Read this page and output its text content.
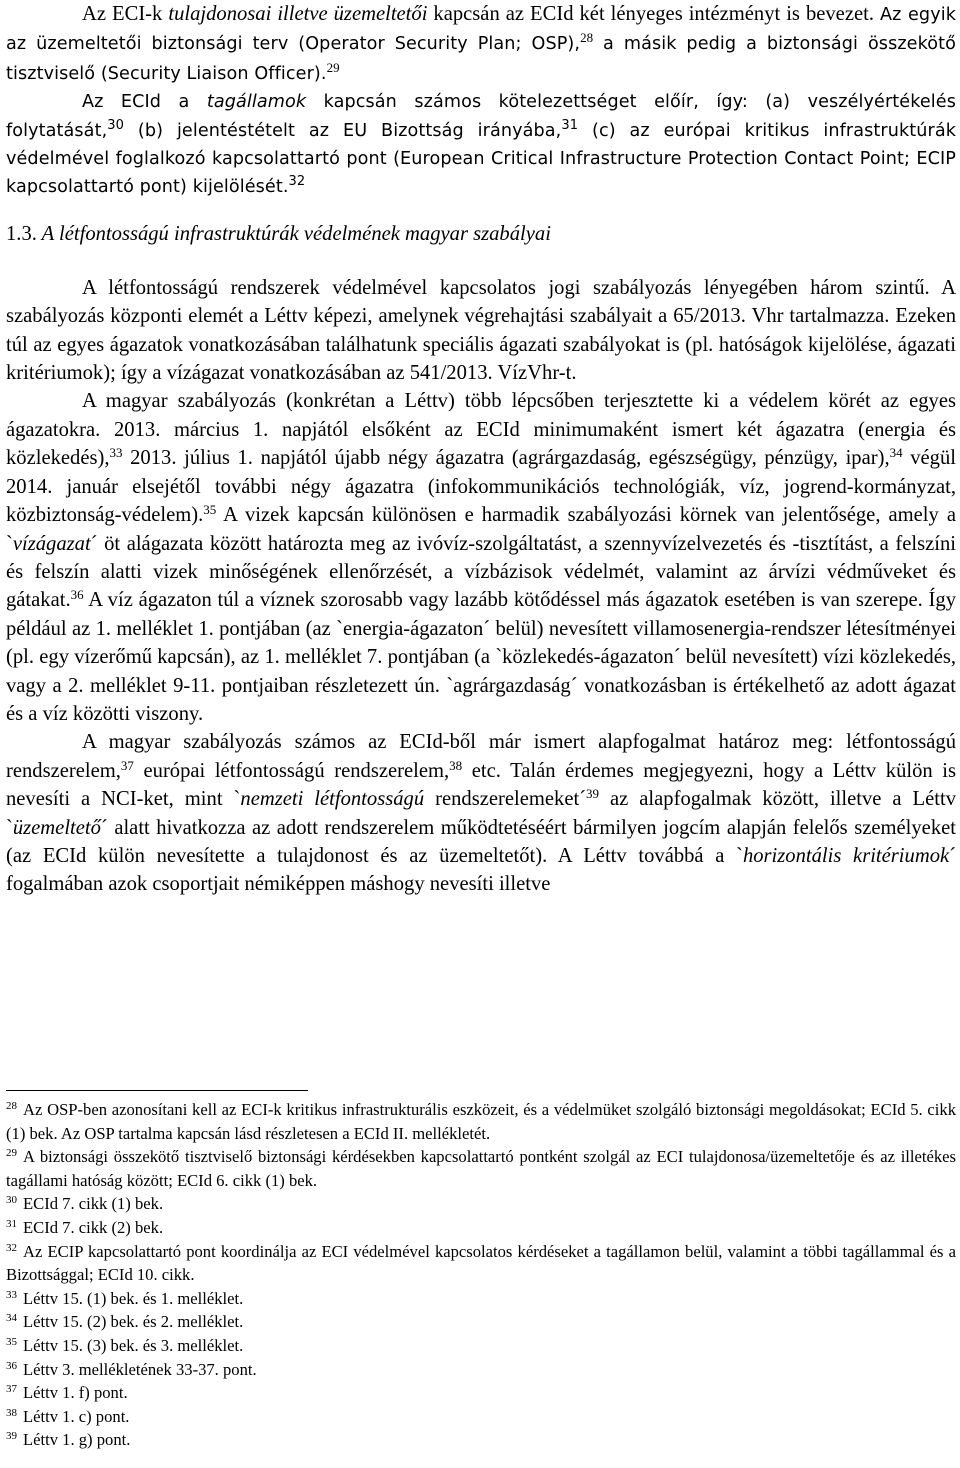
Az ECI-k tulajdonosai illetve üzemeltetői kapcsán az ECId két lényeges intézményt is bevezet. Az egyik az üzemeltetői biztonsági terv (Operator Security Plan; OSP),$^{28}$ a másik pedig a biztonsági összekötő tisztviselő (Security Liaison Officer).$^{29}$

Az ECId a tagállamok kapcsán számos kötelezettséget előír, így: (a) veszélyértékelés folytatását,$^{30}$ (b) jelentéstételt az EU Bizottság irányába,$^{31}$ (c) az európai kritikus infrastruktúrák védelmével foglalkozó kapcsolattartó pont (European Critical Infrastructure Protection Contact Point; ECIP kapcsolattartó pont) kijelölését.$^{32}$

1.3. A létfontosságú infrastruktúrák védelmének magyar szabályai

A létfontosságú rendszerek védelmével kapcsolatos jogi szabályozás lényegében három szintű. A szabályozás központi elemét a Léttv képezi, amelynek végrehajtási szabályait a 65/2013. Vhr tartalmazza. Ezeken túl az egyes ágazatok vonatkozásában találhatunk speciális ágazati szabályokat is (pl. hatóságok kijelölése, ágazati kritériumok); így a vízágazat vonatkozásában az 541/2013. VízVhr-t.

A magyar szabályozás (konkrétan a Léttv) több lépcsőben terjesztette ki a védelem körét az egyes ágazatokra. 2013. március 1. napjától elsőként az ECId minimumaként ismert két ágazatra (energia és közlekedés),$^{33}$ 2013. július 1. napjától újabb négy ágazatra (agrárgazdaság, egészségügy, pénzügy, ipar),$^{34}$ végül 2014. január elsejétől további négy ágazatra (infokommunikációs technológiák, víz, jogrend-kormányzat, közbiztonság-védelem).$^{35}$ A vizek kapcsán különösen e harmadik szabályozási körnek van jelentősége, amely a `vízágazat´ öt alágazata között határozta meg az ivóvíz-szolgáltatást, a szennyvízelvezetés és -tisztítást, a felszíni és felszín alatti vizek minőségének ellenőrzését, a vízbázisok védelmét, valamint az árvízi védműveket és gátakat.$^{36}$ A víz ágazaton túl a víznek szorosabb vagy lazább kötődéssel más ágazatok esetében is van szerepe. Így például az 1. melléklet 1. pontjában (az `energia-ágazaton´ belül) nevesített villamosenergia-rendszer létesítményei (pl. egy vízerőmű kapcsán), az 1. melléklet 7. pontjában (a `közlekedés-ágazaton´ belül nevesített) vízi közlekedés, vagy a 2. melléklet 9-11. pontjaiban részletezett ún. `agrárgazdaság´ vonatkozásban is értékelhető az adott ágazat és a víz közötti viszony.

A magyar szabályozás számos az ECId-ből már ismert alapfogalmat határoz meg: létfontosságú rendszerelem,$^{37}$ európai létfontosságú rendszerelem,$^{38}$ etc. Talán érdemes megjegyezni, hogy a Léttv külön is nevesíti a NCI-ket, mint `nemzeti létfontosságú rendszerelemeket´$^{39}$ az alapfogalmak között, illetve a Léttv `üzemeltető´ alatt hivatkozza az adott rendszerelem működtetéséért bármilyen jogcím alapján felelős személyeket (az ECId külön nevesítette a tulajdonost és az üzemeltetőt). A Léttv továbbá a `horizontális kritériumok´ fogalmában azok csoportjait némiképpen máshogy nevesíti illetve

$^{28}$ Az OSP-ben azonosítani kell az ECI-k kritikus infrastrukturális eszközeit, és a védelmüket szolgáló biztonsági megoldásokat; ECId 5. cikk (1) bek. Az OSP tartalma kapcsán lásd részletesen a ECId II. mellékletét.

$^{29}$ A biztonsági összekötő tisztviselő biztonsági kérdésekben kapcsolattartó pontként szolgál az ECI tulajdonosa/üzemeltetője és az illetékes tagállami hatóság között; ECId 6. cikk (1) bek.

$^{30}$ ECId 7. cikk (1) bek.

$^{31}$ ECId 7. cikk (2) bek.

$^{32}$ Az ECIP kapcsolattartó pont koordinálja az ECI védelmével kapcsolatos kérdéseket a tagállamon belül, valamint a többi tagállammal és a Bizottsággal; ECId 10. cikk.

$^{33}$ Léttv 15. (1) bek. és 1. melléklet.

$^{34}$ Léttv 15. (2) bek. és 2. melléklet.

$^{35}$ Léttv 15. (3) bek. és 3. melléklet.

$^{36}$ Léttv 3. mellékletének 33-37. pont.

$^{37}$ Léttv 1. f) pont.

$^{38}$ Léttv 1. c) pont.

$^{39}$ Léttv 1. g) pont.
